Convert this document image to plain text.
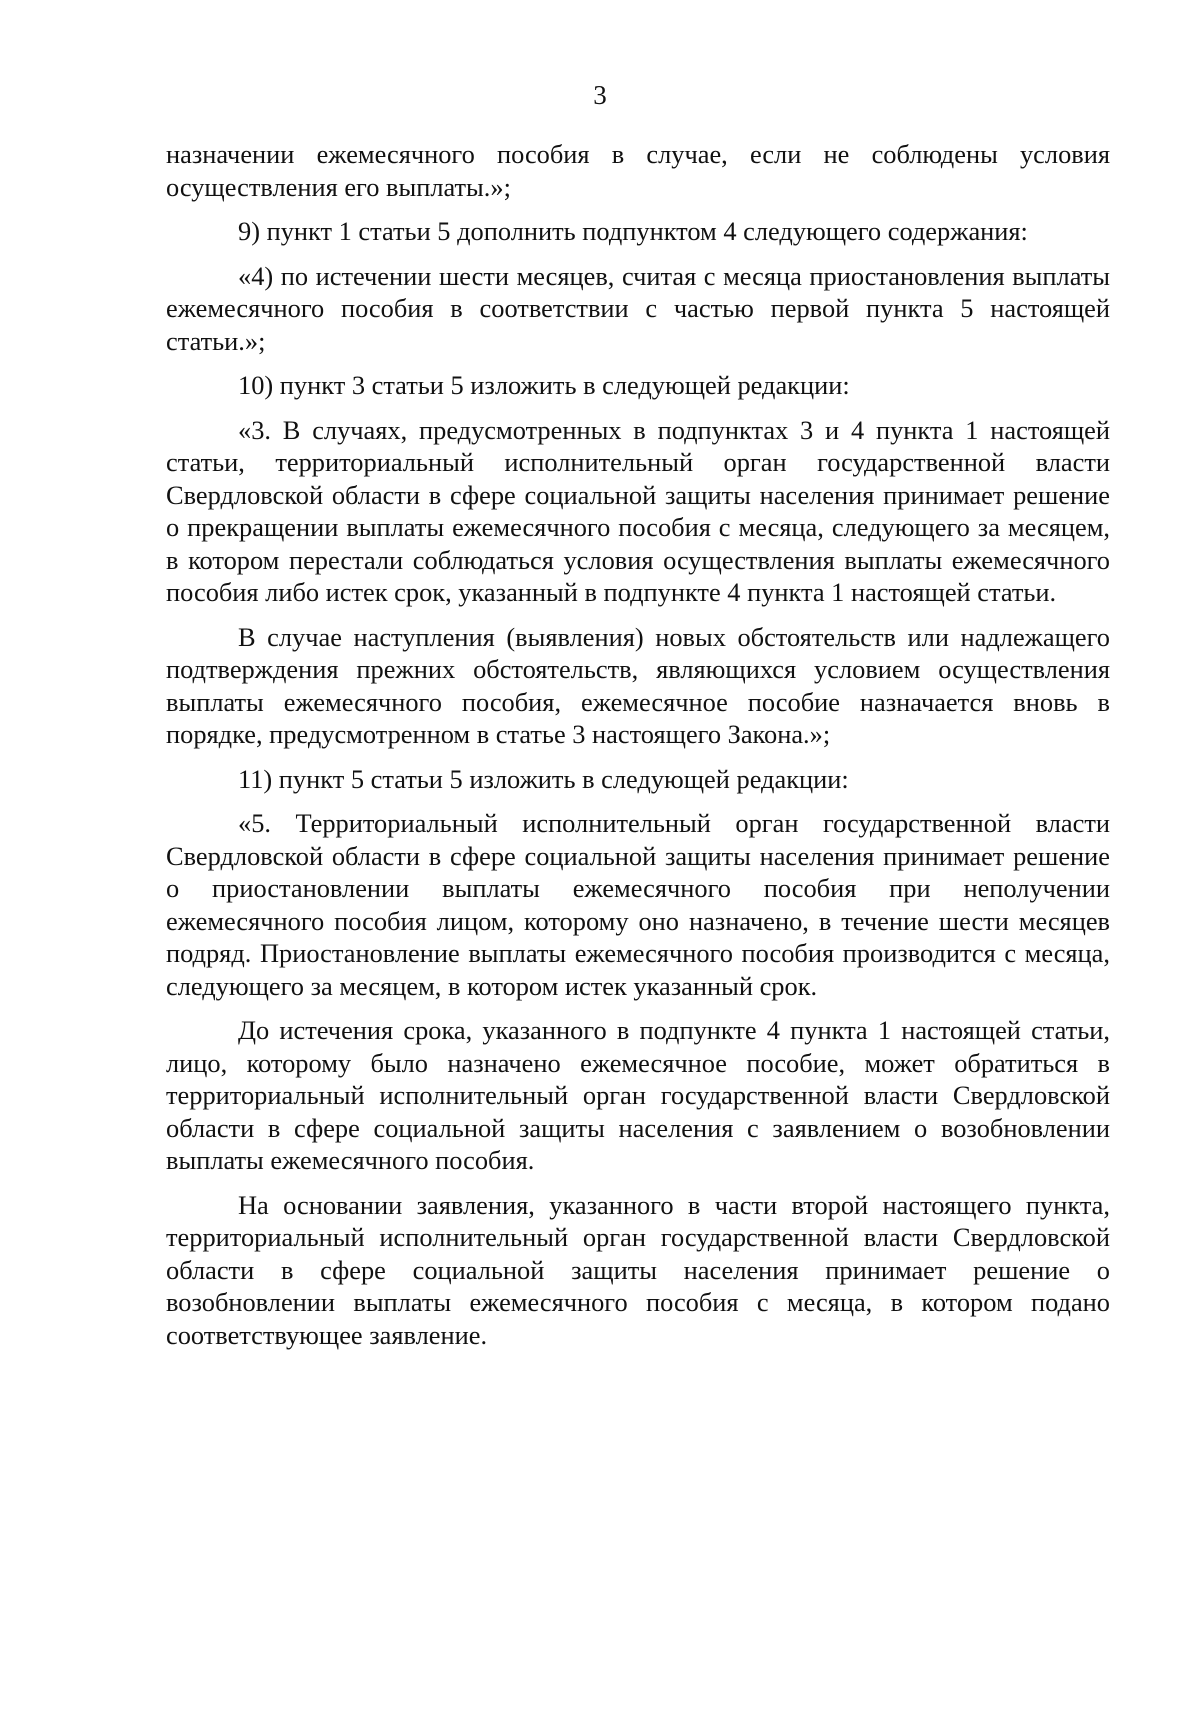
3

назначении ежемесячного пособия в случае, если не соблюдены условия осуществления его выплаты.»;

9) пункт 1 статьи 5 дополнить подпунктом 4 следующего содержания:

«4) по истечении шести месяцев, считая с месяца приостановления выплаты ежемесячного пособия в соответствии с частью первой пункта 5 настоящей статьи.»;

10) пункт 3 статьи 5 изложить в следующей редакции:

«3. В случаях, предусмотренных в подпунктах 3 и 4 пункта 1 настоящей статьи, территориальный исполнительный орган государственной власти Свердловской области в сфере социальной защиты населения принимает решение о прекращении выплаты ежемесячного пособия с месяца, следующего за месяцем, в котором перестали соблюдаться условия осуществления выплаты ежемесячного пособия либо истек срок, указанный в подпункте 4 пункта 1 настоящей статьи.

В случае наступления (выявления) новых обстоятельств или надлежащего подтверждения прежних обстоятельств, являющихся условием осуществления выплаты ежемесячного пособия, ежемесячное пособие назначается вновь в порядке, предусмотренном в статье 3 настоящего Закона.»;

11) пункт 5 статьи 5 изложить в следующей редакции:

«5. Территориальный исполнительный орган государственной власти Свердловской области в сфере социальной защиты населения принимает решение о приостановлении выплаты ежемесячного пособия при неполучении ежемесячного пособия лицом, которому оно назначено, в течение шести месяцев подряд. Приостановление выплаты ежемесячного пособия производится с месяца, следующего за месяцем, в котором истек указанный срок.

До истечения срока, указанного в подпункте 4 пункта 1 настоящей статьи, лицо, которому было назначено ежемесячное пособие, может обратиться в территориальный исполнительный орган государственной власти Свердловской области в сфере социальной защиты населения с заявлением о возобновлении выплаты ежемесячного пособия.

На основании заявления, указанного в части второй настоящего пункта, территориальный исполнительный орган государственной власти Свердловской области в сфере социальной защиты населения принимает решение о возобновлении выплаты ежемесячного пособия с месяца, в котором подано соответствующее заявление.
